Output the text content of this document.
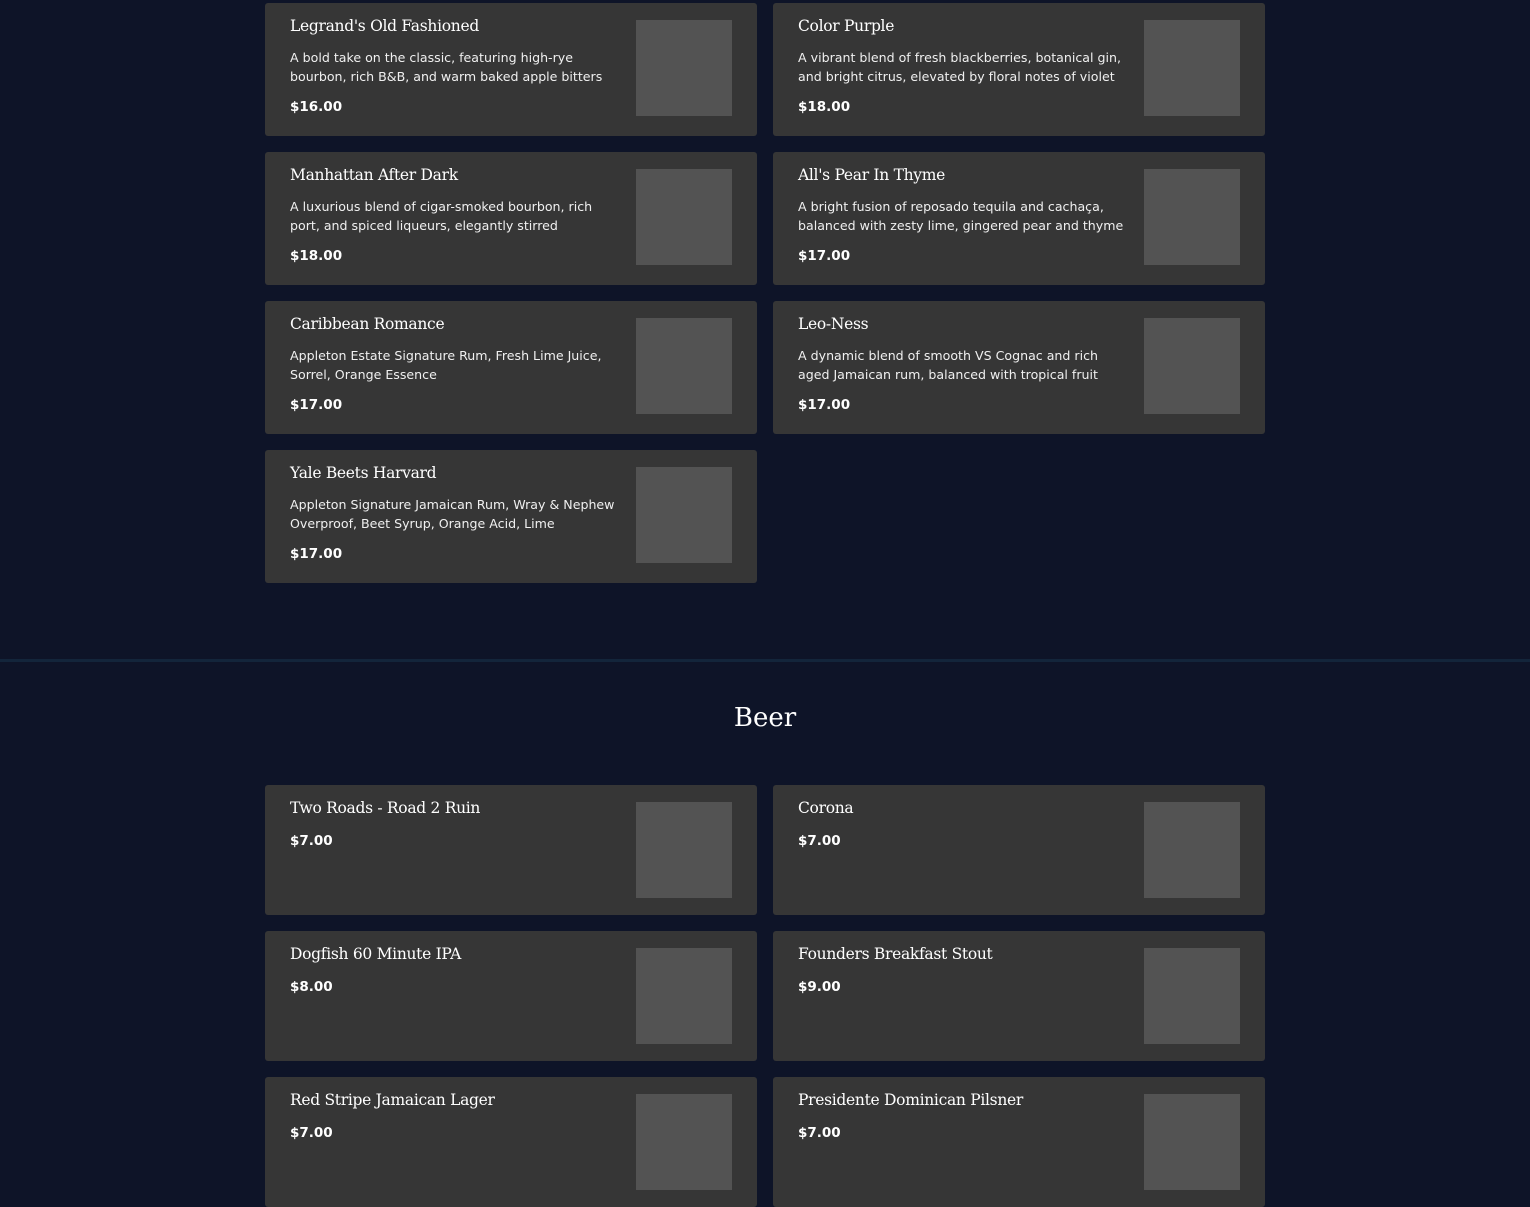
Legrand's Old Fashioned
A bold take on the classic, featuring high-rye bourbon, rich B&B, and warm baked apple bitters
$16.00
Color Purple
A vibrant blend of fresh blackberries, botanical gin, and bright citrus, elevated by floral notes of violet
$18.00
Manhattan After Dark
A luxurious blend of cigar-smoked bourbon, rich port, and spiced liqueurs, elegantly stirred
$18.00
All's Pear In Thyme
A bright fusion of reposado tequila and cachaça, balanced with zesty lime, gingered pear and thyme
$17.00
Caribbean Romance
Appleton Estate Signature Rum, Fresh Lime Juice, Sorrel, Orange Essence
$17.00
Leo-Ness
A dynamic blend of smooth VS Cognac and rich aged Jamaican rum, balanced with tropical fruit
$17.00
Yale Beets Harvard
Appleton Signature Jamaican Rum, Wray & Nephew Overproof, Beet Syrup, Orange Acid, Lime
$17.00
Beer
Two Roads - Road 2 Ruin
$7.00
Corona
$7.00
Dogfish 60 Minute IPA
$8.00
Founders Breakfast Stout
$9.00
Red Stripe Jamaican Lager
$7.00
Presidente Dominican Pilsner
$7.00
